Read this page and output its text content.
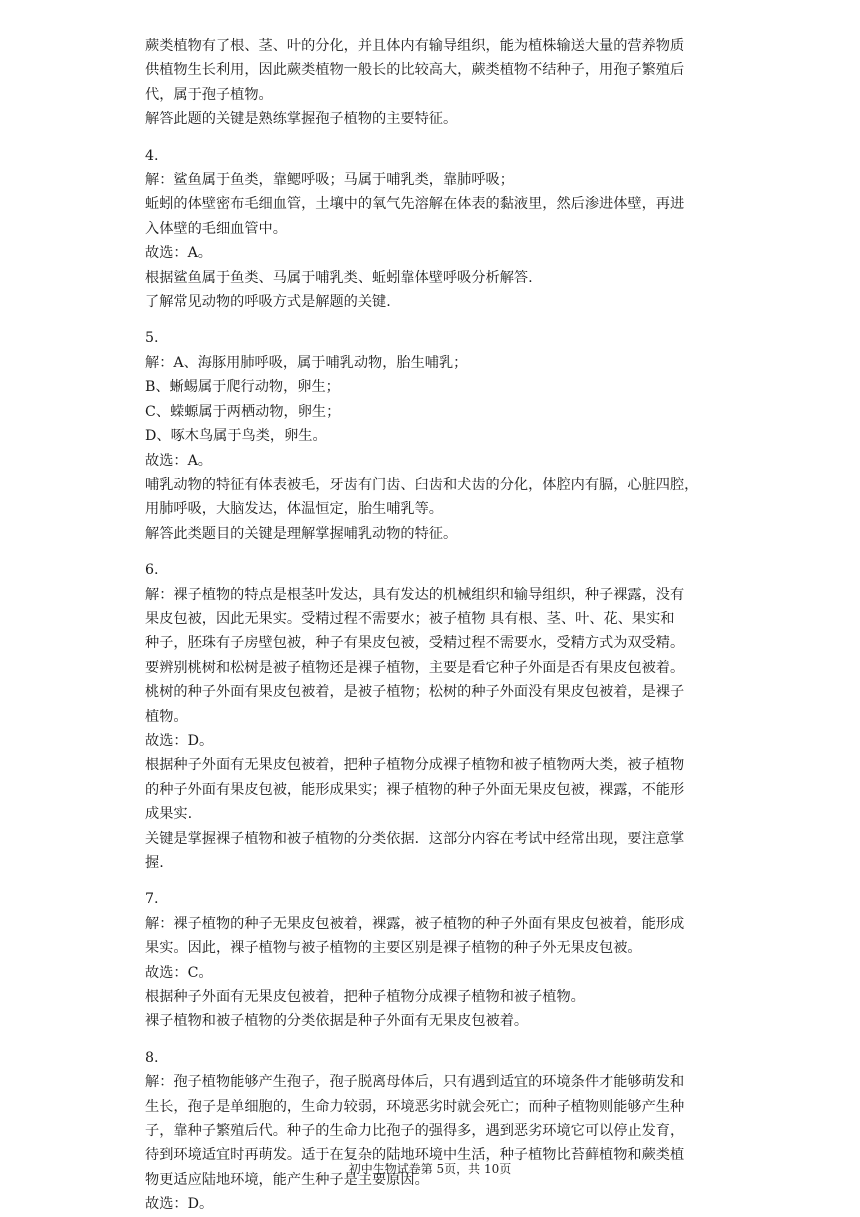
蕨类植物有了根、茎、叶的分化，并且体内有输导组织，能为植株输送大量的营养物质
供植物生长利用，因此蕨类植物一般长的比较高大，蕨类植物不结种子，用孢子繁殖后
代，属于孢子植物。
解答此题的关键是熟练掌握孢子植物的主要特征。
4.
解：鲨鱼属于鱼类，靠鳃呼吸；马属于哺乳类，靠肺呼吸；
蚯蚓的体壁密布毛细血管，土壤中的氧气先溶解在体表的黏液里，然后渗进体壁，再进
入体壁的毛细血管中。
故选：A。
根据鲨鱼属于鱼类、马属于哺乳类、蚯蚓靠体壁呼吸分析解答.
了解常见动物的呼吸方式是解题的关键.
5.
解：A、海豚用肺呼吸，属于哺乳动物，胎生哺乳；
B、蜥蜴属于爬行动物，卵生；
C、蝾螈属于两栖动物，卵生；
D、啄木鸟属于鸟类，卵生。
故选：A。
哺乳动物的特征有体表被毛，牙齿有门齿、臼齿和犬齿的分化，体腔内有膈，心脏四腔，
用肺呼吸，大脑发达，体温恒定，胎生哺乳等。
解答此类题目的关键是理解掌握哺乳动物的特征。
6.
解：裸子植物的特点是根茎叶发达，具有发达的机械组织和输导组织，种子裸露，没有
果皮包被，因此无果实。受精过程不需要水；被子植物 具有根、茎、叶、花、果实和
种子，胚珠有子房壁包被，种子有果皮包被，受精过程不需要水，受精方式为双受精。
要辨别桃树和松树是被子植物还是裸子植物，主要是看它种子外面是否有果皮包被着。
桃树的种子外面有果皮包被着，是被子植物；松树的种子外面没有果皮包被着，是裸子
植物。
故选：D。
根据种子外面有无果皮包被着，把种子植物分成裸子植物和被子植物两大类，被子植物
的种子外面有果皮包被，能形成果实；裸子植物的种子外面无果皮包被，裸露，不能形
成果实.
关键是掌握裸子植物和被子植物的分类依据．这部分内容在考试中经常出现，要注意掌
握.
7.
解：裸子植物的种子无果皮包被着，裸露，被子植物的种子外面有果皮包被着，能形成
果实。因此，裸子植物与被子植物的主要区别是裸子植物的种子外无果皮包被。
故选：C。
根据种子外面有无果皮包被着，把种子植物分成裸子植物和被子植物。
裸子植物和被子植物的分类依据是种子外面有无果皮包被着。
8.
解：孢子植物能够产生孢子，孢子脱离母体后，只有遇到适宜的环境条件才能够萌发和
生长，孢子是单细胞的，生命力较弱，环境恶劣时就会死亡；而种子植物则能够产生种
子，靠种子繁殖后代。种子的生命力比孢子的强得多，遇到恶劣环境它可以停止发育，
待到环境适宜时再萌发。适于在复杂的陆地环境中生活，种子植物比苔藓植物和蕨类植
物更适应陆地环境，能产生种子是主要原因。
故选：D。
初中生物试卷第 5页，共 10页
